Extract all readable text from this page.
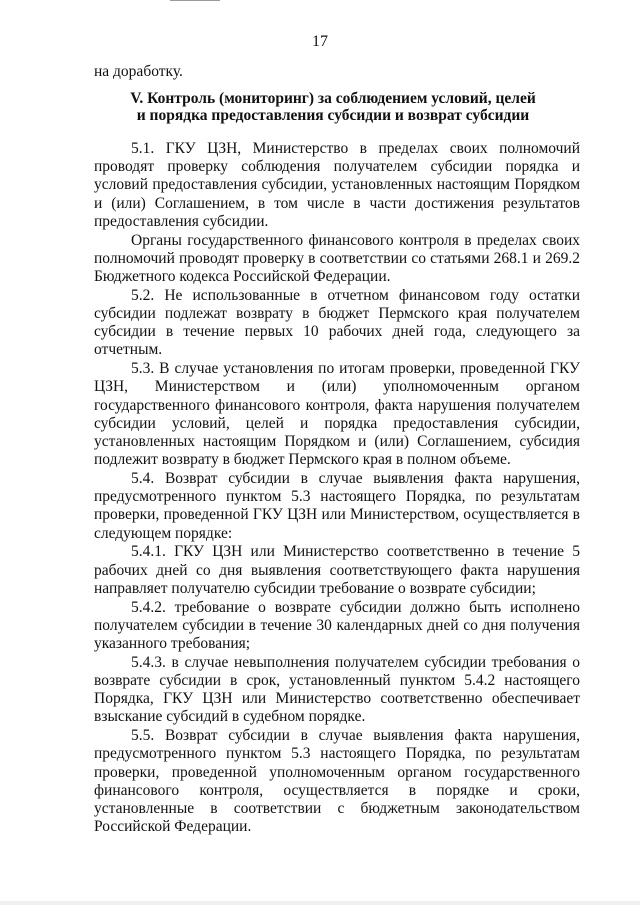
17
на доработку.
V. Контроль (мониторинг) за соблюдением условий, целей
и порядка предоставления субсидии и возврат субсидии

5.1. ГКУ ЦЗН, Министерство в пределах своих полномочий проводят проверку соблюдения получателем субсидии порядка и условий предоставления субсидии, установленных настоящим Порядком и (или) Соглашением, в том числе в части достижения результатов предоставления субсидии.

Органы государственного финансового контроля в пределах своих полномочий проводят проверку в соответствии со статьями 268.1 и 269.2 Бюджетного кодекса Российской Федерации.

5.2. Не использованные в отчетном финансовом году остатки субсидии подлежат возврату в бюджет Пермского края получателем субсидии в течение первых 10 рабочих дней года, следующего за отчетным.

5.3. В случае установления по итогам проверки, проведенной ГКУ ЦЗН, Министерством и (или) уполномоченным органом государственного финансового контроля, факта нарушения получателем субсидии условий, целей и порядка предоставления субсидии, установленных настоящим Порядком и (или) Соглашением, субсидия подлежит возврату в бюджет Пермского края в полном объеме.

5.4. Возврат субсидии в случае выявления факта нарушения, предусмотренного пунктом 5.3 настоящего Порядка, по результатам проверки, проведенной ГКУ ЦЗН или Министерством, осуществляется в следующем порядке:

5.4.1. ГКУ ЦЗН или Министерство соответственно в течение 5 рабочих дней со дня выявления соответствующего факта нарушения направляет получателю субсидии требование о возврате субсидии;

5.4.2. требование о возврате субсидии должно быть исполнено получателем субсидии в течение 30 календарных дней со дня получения указанного требования;

5.4.3. в случае невыполнения получателем субсидии требования о возврате субсидии в срок, установленный пунктом 5.4.2 настоящего Порядка, ГКУ ЦЗН или Министерство соответственно обеспечивает взыскание субсидий в судебном порядке.

5.5. Возврат субсидии в случае выявления факта нарушения, предусмотренного пунктом 5.3 настоящего Порядка, по результатам проверки, проведенной уполномоченным органом государственного финансового контроля, осуществляется в порядке и сроки, установленные в соответствии с бюджетным законодательством Российской Федерации.
